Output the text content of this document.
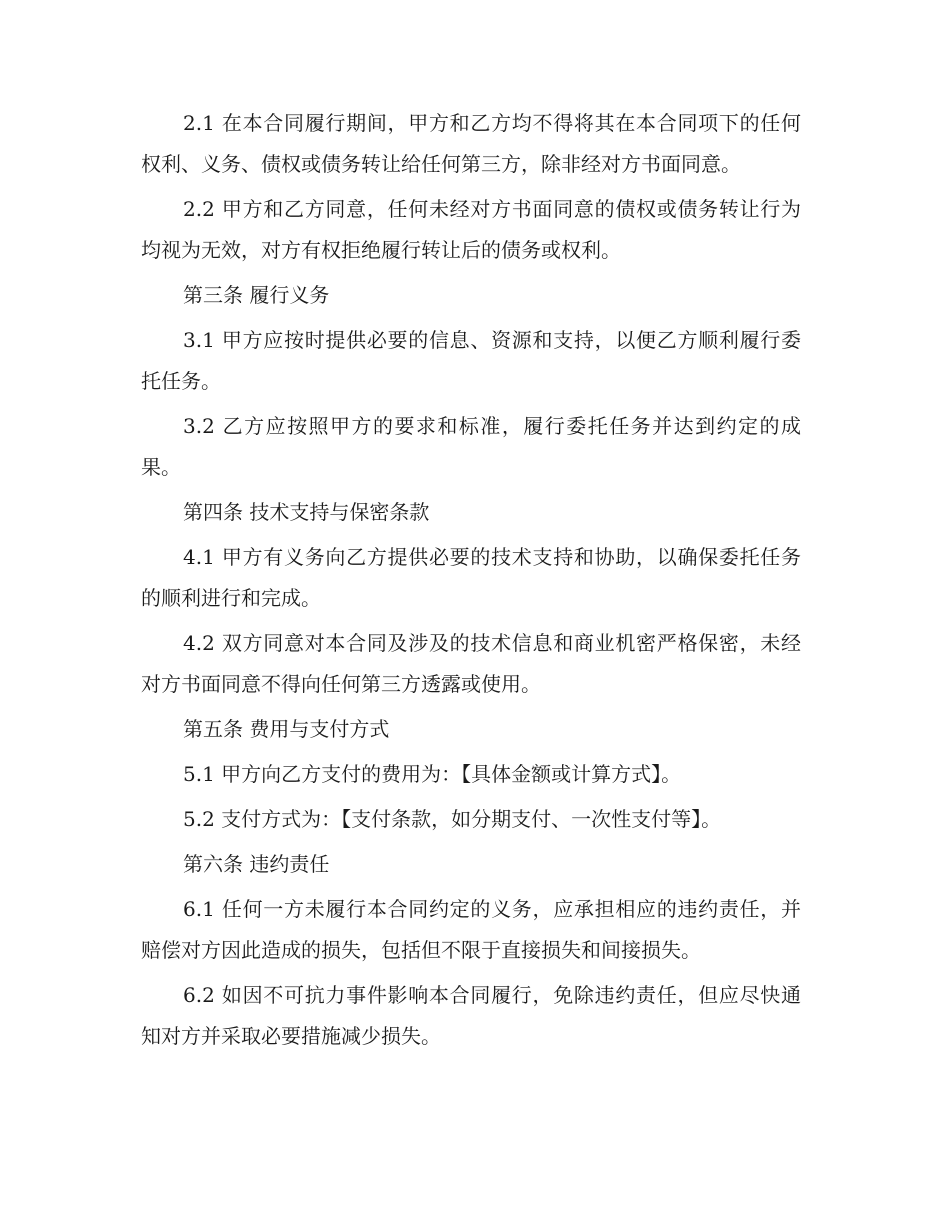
2.1 在本合同履行期间，甲方和乙方均不得将其在本合同项下的任何权利、义务、债权或债务转让给任何第三方，除非经对方书面同意。

2.2 甲方和乙方同意，任何未经对方书面同意的债权或债务转让行为均视为无效，对方有权拒绝履行转让后的债务或权利。

第三条 履行义务

3.1 甲方应按时提供必要的信息、资源和支持，以便乙方顺利履行委托任务。

3.2 乙方应按照甲方的要求和标准，履行委托任务并达到约定的成果。

第四条 技术支持与保密条款

4.1 甲方有义务向乙方提供必要的技术支持和协助，以确保委托任务的顺利进行和完成。

4.2 双方同意对本合同及涉及的技术信息和商业机密严格保密，未经对方书面同意不得向任何第三方透露或使用。

第五条 费用与支付方式

5.1 甲方向乙方支付的费用为：【具体金额或计算方式】。

5.2 支付方式为：【支付条款，如分期支付、一次性支付等】。

第六条 违约责任

6.1 任何一方未履行本合同约定的义务，应承担相应的违约责任，并赔偿对方因此造成的损失，包括但不限于直接损失和间接损失。

6.2 如因不可抗力事件影响本合同履行，免除违约责任，但应尽快通知对方并采取必要措施减少损失。
